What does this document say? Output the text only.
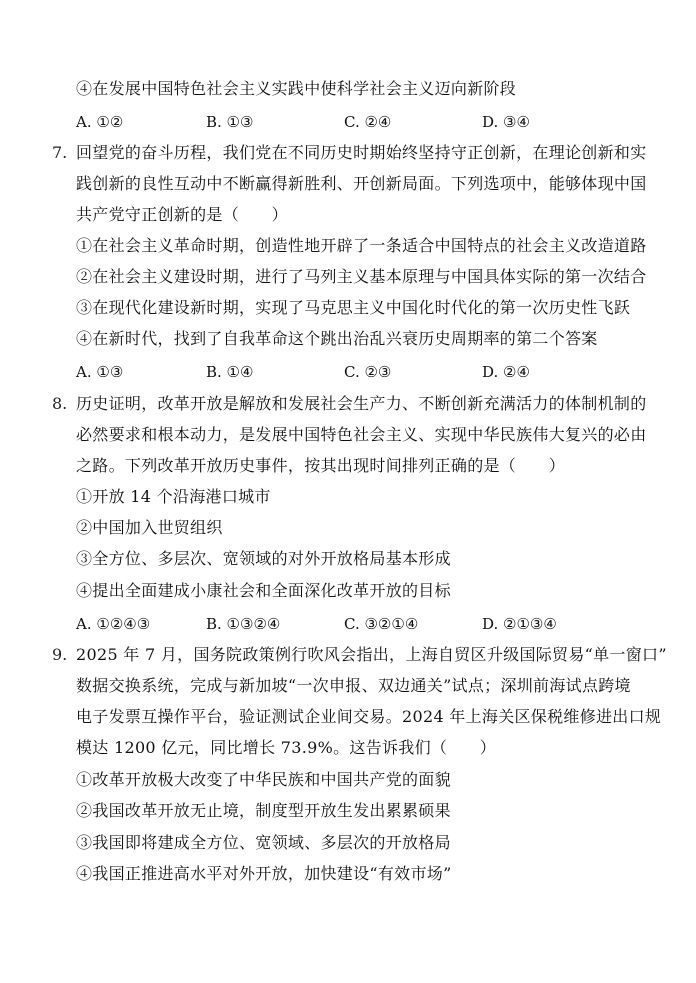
④在发展中国特色社会主义实践中使科学社会主义迈向新阶段
A. ①②	B. ①③	C. ②④	D. ③④
7. 回望党的奋斗历程，我们党在不同历史时期始终坚持守正创新，在理论创新和实
践创新的良性互动中不断赢得新胜利、开创新局面。下列选项中，能够体现中国
共产党守正创新的是（　　）
①在社会主义革命时期，创造性地开辟了一条适合中国特点的社会主义改造道路
②在社会主义建设时期，进行了马列主义基本原理与中国具体实际的第一次结合
③在现代化建设新时期，实现了马克思主义中国化时代化的第一次历史性飞跃
④在新时代，找到了自我革命这个跳出治乱兴衰历史周期率的第二个答案
A. ①③	B. ①④	C. ②③	D. ②④
8. 历史证明，改革开放是解放和发展社会生产力、不断创新充满活力的体制机制的
必然要求和根本动力，是发展中国特色社会主义、实现中华民族伟大复兴的必由
之路。下列改革开放历史事件，按其出现时间排列正确的是（　　）
①开放 14 个沿海港口城市
②中国加入世贸组织
③全方位、多层次、宽领域的对外开放格局基本形成
④提出全面建成小康社会和全面深化改革开放的目标
A. ①②④③	B. ①③②④	C. ③②①④	D. ②①③④
9. 2025 年 7 月，国务院政策例行吹风会指出，上海自贸区升级国际贸易“单一窗口”
数据交换系统，完成与新加坡“一次申报、双边通关”试点；深圳前海试点跨境
电子发票互操作平台，验证测试企业间交易。2024 年上海关区保税维修进出口规
模达 1200 亿元，同比增长 73.9%。这告诉我们（　　）
①改革开放极大改变了中华民族和中国共产党的面貌
②我国改革开放无止境，制度型开放生发出累累硕果
③我国即将建成全方位、宽领域、多层次的开放格局
④我国正推进高水平对外开放，加快建设“有效市场”
